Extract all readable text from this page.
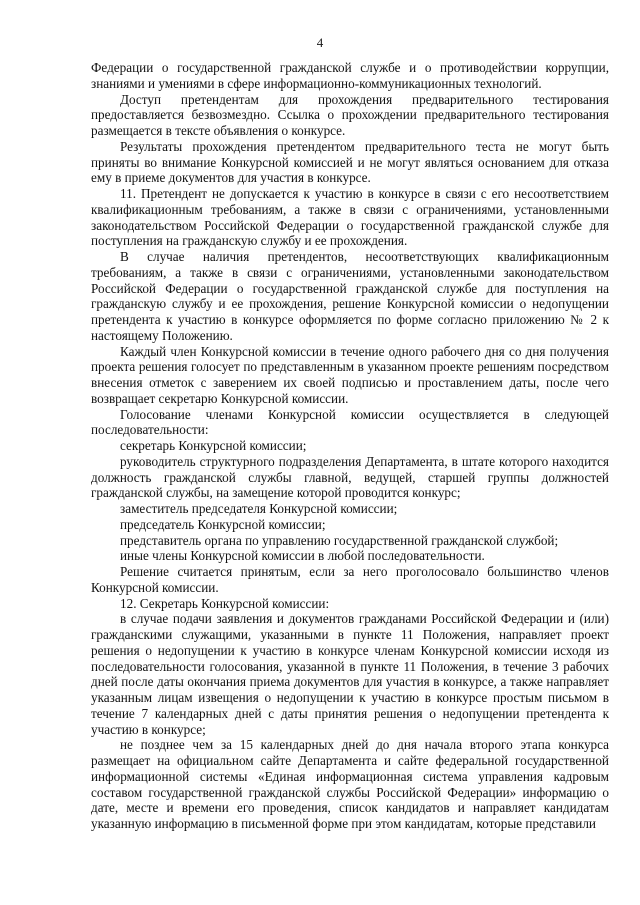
4

Федерации о государственной гражданской службе и о противодействии коррупции, знаниями и умениями в сфере информационно-коммуникационных технологий.

Доступ претендентам для прохождения предварительного тестирования предоставляется безвозмездно. Ссылка о прохождении предварительного тестирования размещается в тексте объявления о конкурсе.

Результаты прохождения претендентом предварительного теста не могут быть приняты во внимание Конкурсной комиссией и не могут являться основанием для отказа ему в приеме документов для участия в конкурсе.

11. Претендент не допускается к участию в конкурсе в связи с его несоответствием квалификационным требованиям, а также в связи с ограничениями, установленными законодательством Российской Федерации о государственной гражданской службе для поступления на гражданскую службу и ее прохождения.

В случае наличия претендентов, несоответствующих квалификационным требованиям, а также в связи с ограничениями, установленными законодательством Российской Федерации о государственной гражданской службе для поступления на гражданскую службу и ее прохождения, решение Конкурсной комиссии о недопущении претендента к участию в конкурсе оформляется по форме согласно приложению № 2 к настоящему Положению.

Каждый член Конкурсной комиссии в течение одного рабочего дня со дня получения проекта решения голосует по представленным в указанном проекте решениям посредством внесения отметок с заверением их своей подписью и проставлением даты, после чего возвращает секретарю Конкурсной комиссии.

Голосование членами Конкурсной комиссии осуществляется в следующей последовательности:

секретарь Конкурсной комиссии;

руководитель структурного подразделения Департамента, в штате которого находится должность гражданской службы главной, ведущей, старшей группы должностей гражданской службы, на замещение которой проводится конкурс;

заместитель председателя Конкурсной комиссии;

председатель Конкурсной комиссии;

представитель органа по управлению государственной гражданской службой;

иные члены Конкурсной комиссии в любой последовательности.

Решение считается принятым, если за него проголосовало большинство членов Конкурсной комиссии.

12. Секретарь Конкурсной комиссии:

в случае подачи заявления и документов гражданами Российской Федерации и (или) гражданскими служащими, указанными в пункте 11 Положения, направляет проект решения о недопущении к участию в конкурсе членам Конкурсной комиссии исходя из последовательности голосования, указанной в пункте 11 Положения, в течение 3 рабочих дней после даты окончания приема документов для участия в конкурсе, а также направляет указанным лицам извещения о недопущении к участию в конкурсе простым письмом в течение 7 календарных дней с даты принятия решения о недопущении претендента к участию в конкурсе;

не позднее чем за 15 календарных дней до дня начала второго этапа конкурса размещает на официальном сайте Департамента и сайте федеральной государственной информационной системы «Единая информационная система управления кадровым составом государственной гражданской службы Российской Федерации» информацию о дате, месте и времени его проведения, список кандидатов и направляет кандидатам указанную информацию в письменной форме при этом кандидатам, которые представили
